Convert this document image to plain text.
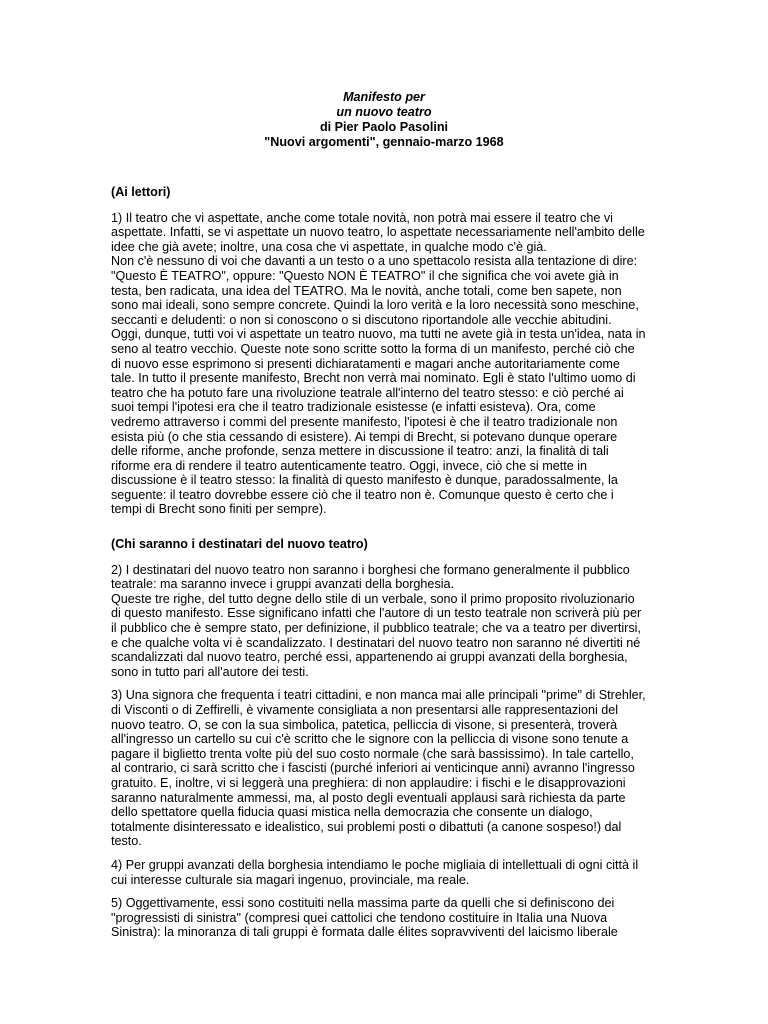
Manifesto per
un nuovo teatro
di Pier Paolo Pasolini
"Nuovi argomenti", gennaio-marzo 1968

(Ai lettori)

1) Il teatro che vi aspettate, anche come totale novità, non potrà mai essere il teatro che vi
aspettate. Infatti, se vi aspettate un nuovo teatro, lo aspettate necessariamente nell'ambito delle
idee che già avete; inoltre, una cosa che vi aspettate, in qualche modo c'è già.
Non c'è nessuno di voi che davanti a un testo o a uno spettacolo resista alla tentazione di dire:
"Questo È TEATRO", oppure: "Questo NON È TEATRO" il che significa che voi avete già in
testa, ben radicata, una idea del TEATRO. Ma le novità, anche totali, come ben sapete, non
sono mai ideali, sono sempre concrete. Quindi la loro verità e la loro necessità sono meschine,
seccanti e deludenti: o non si conoscono o si discutono riportandole alle vecchie abitudini.
Oggi, dunque, tutti voi vi aspettate un teatro nuovo, ma tutti ne avete già in testa un'idea, nata in
seno al teatro vecchio. Queste note sono scritte sotto la forma di un manifesto, perché ciò che
di nuovo esse esprimono si presenti dichiaratamenti e magari anche autoritariamente come
tale. In tutto il presente manifesto, Brecht non verrà mai nominato. Egli è stato l'ultimo uomo di
teatro che ha potuto fare una rivoluzione teatrale all'interno del teatro stesso: e ciò perché ai
suoi tempi l'ipotesi era che il teatro tradizionale esistesse (e infatti esisteva). Ora, come
vedremo attraverso i commi del presente manifesto, l'ipotesi è che il teatro tradizionale non
esista più (o che stia cessando di esistere). Ai tempi di Brecht, si potevano dunque operare
delle riforme, anche profonde, senza mettere in discussione il teatro: anzi, la finalità di tali
riforme era di rendere il teatro autenticamente teatro. Oggi, invece, ciò che si mette in
discussione è il teatro stesso: la finalità di questo manifesto è dunque, paradossalmente, la
seguente: il teatro dovrebbe essere ciò che il teatro non è. Comunque questo è certo che i
tempi di Brecht sono finiti per sempre).

(Chi saranno i destinatari del nuovo teatro)

2) I destinatari del nuovo teatro non saranno i borghesi che formano generalmente il pubblico
teatrale: ma saranno invece i gruppi avanzati della borghesia.
Queste tre righe, del tutto degne dello stile di un verbale, sono il primo proposito rivoluzionario
di questo manifesto. Esse significano infatti che l'autore di un testo teatrale non scriverà più per
il pubblico che è sempre stato, per definizione, il pubblico teatrale; che va a teatro per divertirsi,
e che qualche volta vi è scandalizzato. I destinatari del nuovo teatro non saranno né divertiti né
scandalizzati dal nuovo teatro, perché essi, appartenendo ai gruppi avanzati della borghesia,
sono in tutto pari all'autore dei testi.
3) Una signora che frequenta i teatri cittadini, e non manca mai alle principali "prime" di Strehler,
di Visconti o di Zeffirelli, è vivamente consigliata a non presentarsi alle rappresentazioni del
nuovo teatro. O, se con la sua simbolica, patetica, pelliccia di visone, si presenterà, troverà
all'ingresso un cartello su cui c'è scritto che le signore con la pelliccia di visone sono tenute a
pagare il biglietto trenta volte più del suo costo normale (che sarà bassissimo). In tale cartello,
al contrario, ci sarà scritto che i fascisti (purché inferiori ai venticinque anni) avranno l'ingresso
gratuito. E, inoltre, vi si leggerà una preghiera: di non applaudire: i fischi e le disapprovazioni
saranno naturalmente ammessi, ma, al posto degli eventuali applausi sarà richiesta da parte
dello spettatore quella fiducia quasi mistica nella democrazia che consente un dialogo,
totalmente disinteressato e idealistico, sui problemi posti o dibattuti (a canone sospeso!) dal
testo.
4) Per gruppi avanzati della borghesia intendiamo le poche migliaia di intellettuali di ogni città il
cui interesse culturale sia magari ingenuo, provinciale, ma reale.
5) Oggettivamente, essi sono costituiti nella massima parte da quelli che si definiscono dei
"progressisti di sinistra" (compresi quei cattolici che tendono costituire in Italia una Nuova
Sinistra): la minoranza di tali gruppi è formata dalle élites sopravviventi del laicismo liberale
